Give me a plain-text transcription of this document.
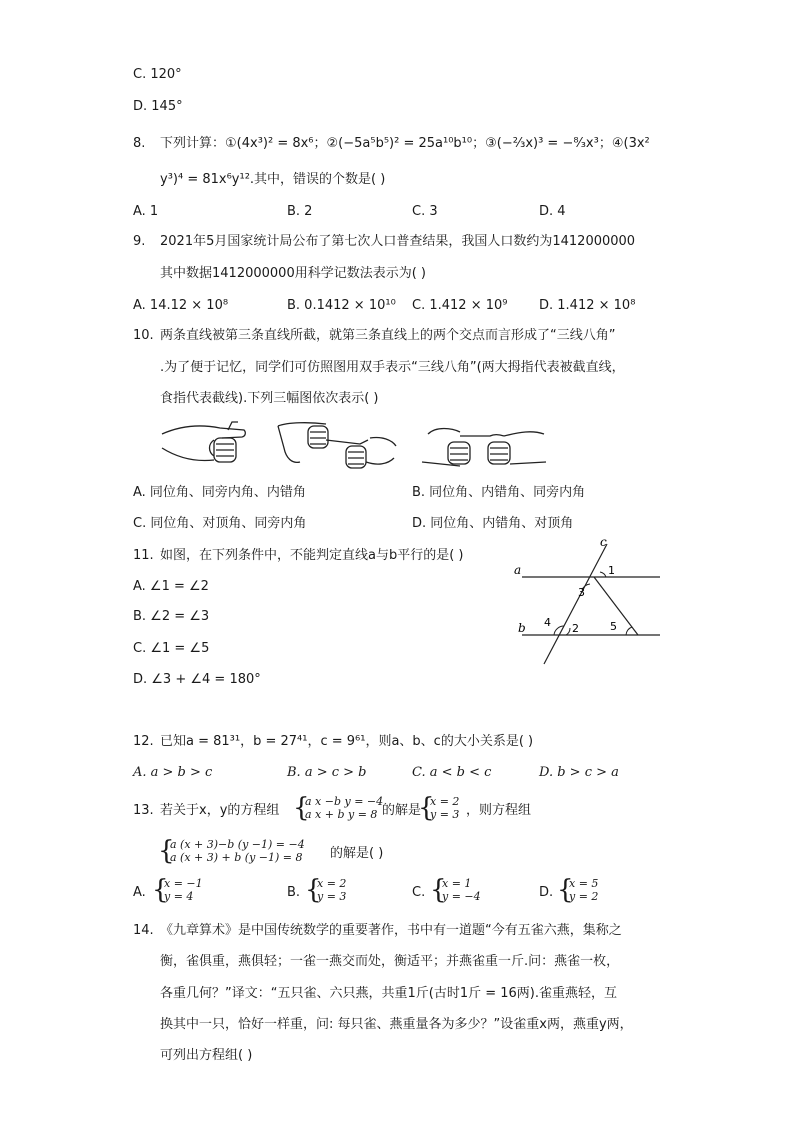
C. 120°
D. 145°
8. 下列计算：①(4x³)² = 8x⁶；②(−5a⁵b⁵)² = 25a¹⁰b¹⁰；③(−⅔x)³ = −⁸⁄₃x³；④(3x²
y³)⁴ = 81x⁶y¹².其中，错误的个数是( )
A. 1	B. 2	C. 3	D. 4
9. 2021年5月国家统计局公布了第七次人口普查结果，我国人口数约为1412000000
其中数据1412000000用科学记数法表示为( )
A. 14.12 × 10⁸	B. 0.1412 × 10¹⁰ C. 1.412 × 10⁹ D. 1.412 × 10⁸
10. 两条直线被第三条直线所截，就第三条直线上的两个交点而言形成了“三线八角”
.为了便于记忆，同学们可仿照图用双手表示“三线八角”(两大拇指代表被截直线，
食指代表截线).下列三幅图依次表示( )
A. 同位角、同旁内角、内错角	B. 同位角、内错角、同旁内角
C. 同位角、对顶角、同旁内角	D. 同位角、内错角、对顶角
11. 如图，在下列条件中，不能判定直线a与b平行的是( )
A. ∠1 = ∠2
B. ∠2 = ∠3
C. ∠1 = ∠5
D. ∠3 + ∠4 = 180°
a
b
c
1
3
4 2	5
12. 已知a = 81³¹，b = 27⁴¹，c = 9⁶¹，则a、b、c的大小关系是( )
A. a > b > c	B. a > c > b	C. a < b < c	D. b > c > a
13. 若关于x，y的方程组 {
a x −b y = −4
a x + b y = 8 的解是
{
x = 2
y = 3 ，则方程组
{
a (x + 3)−b (y −1) = −4
a (x + 3) + b (y −1) = 8 的解是( )
A. {
x = −1
y = 4	B. {
x = 2
y = 3	C. {
x = 1
y = −4	D. {
x = 5
y = 2
14. 《九章算术》是中国传统数学的重要著作，书中有一道题“今有五雀六燕，集称之
衡，雀俱重，燕俱轻；一雀一燕交而处，衡适平；并燕雀重一斤.问：燕雀一枚，
各重几何？”译文：“五只雀、六只燕，共重1斤(古时1斤 = 16两).雀重燕轻，互
换其中一只，恰好一样重，问: 每只雀、燕重量各为多少？”设雀重x两，燕重y两，
可列出方程组( )
